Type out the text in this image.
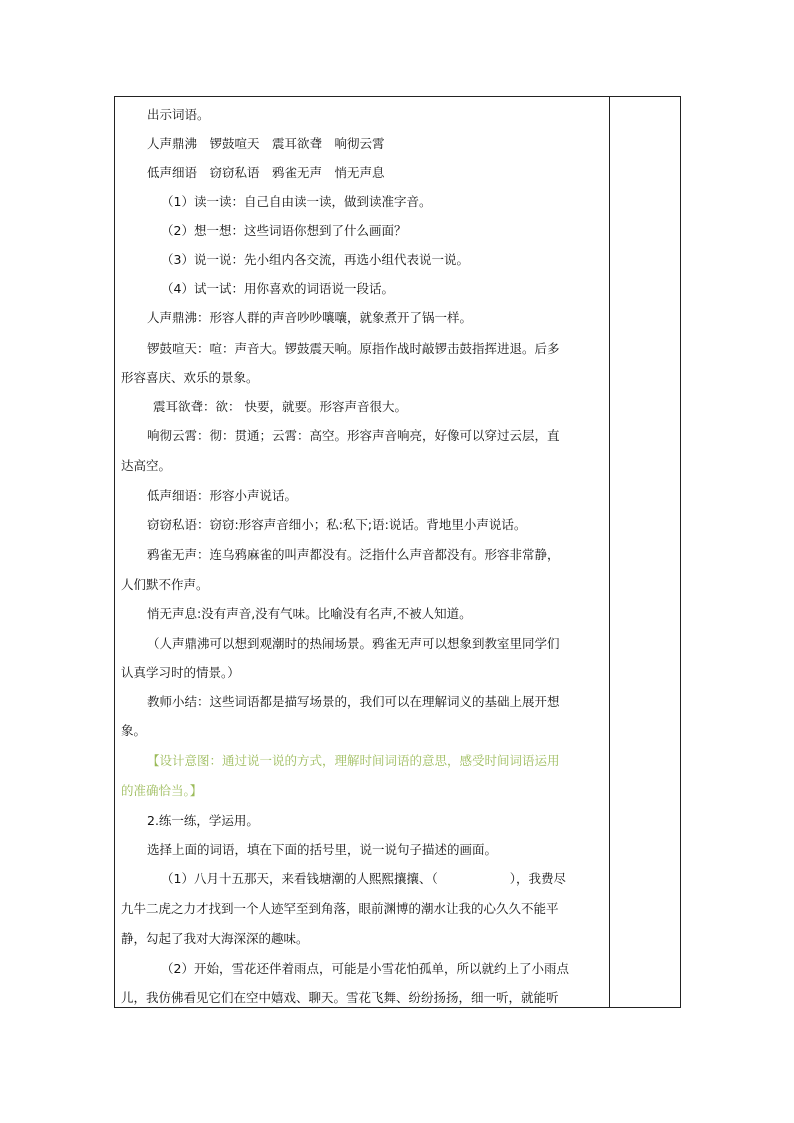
出示词语。
人声鼎沸　锣鼓喧天　震耳欲聋　响彻云霄
低声细语　窃窃私语　鸦雀无声　悄无声息
（1）读一读：自己自由读一读，做到读准字音。
（2）想一想：这些词语你想到了什么画面？
（3）说一说：先小组内各交流，再选小组代表说一说。
（4）试一试：用你喜欢的词语说一段话。
人声鼎沸：形容人群的声音吵吵嚷嚷，就象煮开了锅一样。
锣鼓喧天：喧：声音大。锣鼓震天响。原指作战时敲锣击鼓指挥进退。后多
形容喜庆、欢乐的景象。
震耳欲聋：欲： 快要，就要。形容声音很大。
响彻云霄：彻：贯通；云霄：高空。形容声音响亮，好像可以穿过云层，直
达高空。
低声细语：形容小声说话。
窃窃私语：窃窃:形容声音细小；私:私下;语:说话。背地里小声说话。
鸦雀无声：连乌鸦麻雀的叫声都没有。泛指什么声音都没有。形容非常静，
人们默不作声。
悄无声息:没有声音,没有气味。比喻没有名声,不被人知道。
（人声鼎沸可以想到观潮时的热闹场景。鸦雀无声可以想象到教室里同学们
认真学习时的情景。）
教师小结：这些词语都是描写场景的，我们可以在理解词义的基础上展开想
象。
【设计意图：通过说一说的方式，理解时间词语的意思，感受时间词语运用
的准确恰当。】
2.练一练，学运用。
选择上面的词语，填在下面的括号里，说一说句子描述的画面。
（1）八月十五那天，来看钱塘潮的人熙熙攘攘、（	），我费尽
九牛二虎之力才找到一个人迹罕至到角落，眼前渊博的潮水让我的心久久不能平
静，勾起了我对大海深深的趣味。
（2）开始，雪花还伴着雨点，可能是小雪花怕孤单，所以就约上了小雨点
儿，我仿佛看见它们在空中嬉戏、聊天。雪花飞舞、纷纷扬扬，细一听，就能听
